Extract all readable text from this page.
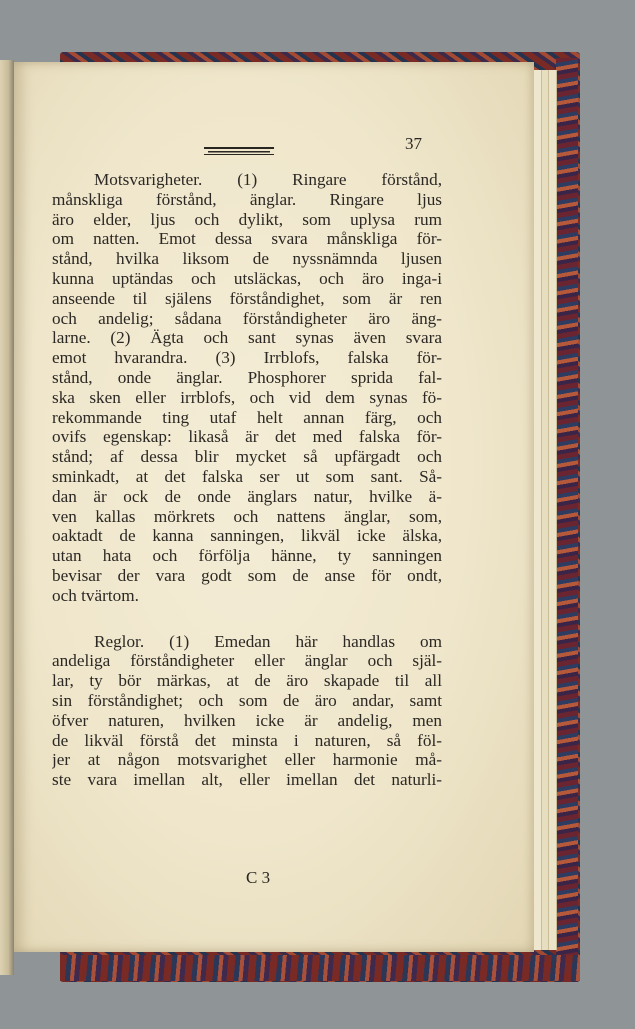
37
Motsvarigheter. (1) Ringare förstånd,
månskliga förstånd, änglar. Ringare ljus
äro elder, ljus och dylikt, som uplysa rum
om natten. Emot dessa svara månskliga för-
stånd, hvilka liksom de nyssnämnda ljusen
kunna uptändas och utsläckas, och äro inga-i
anseende til själens förståndighet, som är ren
och andelig; sådana förståndigheter äro äng-
larne. (2) Ägta och sant synas även svara
emot hvarandra. (3) Irrblofs, falska för-
stånd, onde änglar. Phosphorer sprida fal-
ska sken eller irrblofs, och vid dem synas fö-
rekommande ting utaf helt annan färg, och
ovifs egenskap: likaså är det med falska för-
stånd; af dessa blir mycket så upfärgadt och
sminkadt, at det falska ser ut som sant. Så-
dan är ock de onde änglars natur, hvilke ä-
ven kallas mörkrets och nattens änglar, som,
oaktadt de kanna sanningen, likväl icke älska,
utan hata och förfölja hänne, ty sanningen
bevisar der vara godt som de anse för ondt,
och tvärtom.
Reglor. (1) Emedan här handlas om
andeliga förståndigheter eller änglar och själ-
lar, ty bör märkas, at de äro skapade til all
sin förståndighet; och som de äro andar, samt
öfver naturen, hvilken icke är andelig, men
de likväl förstå det minsta i naturen, så föl-
jer at någon motsvarighet eller harmonie må-
ste vara imellan alt, eller imellan det naturli-
C 3
